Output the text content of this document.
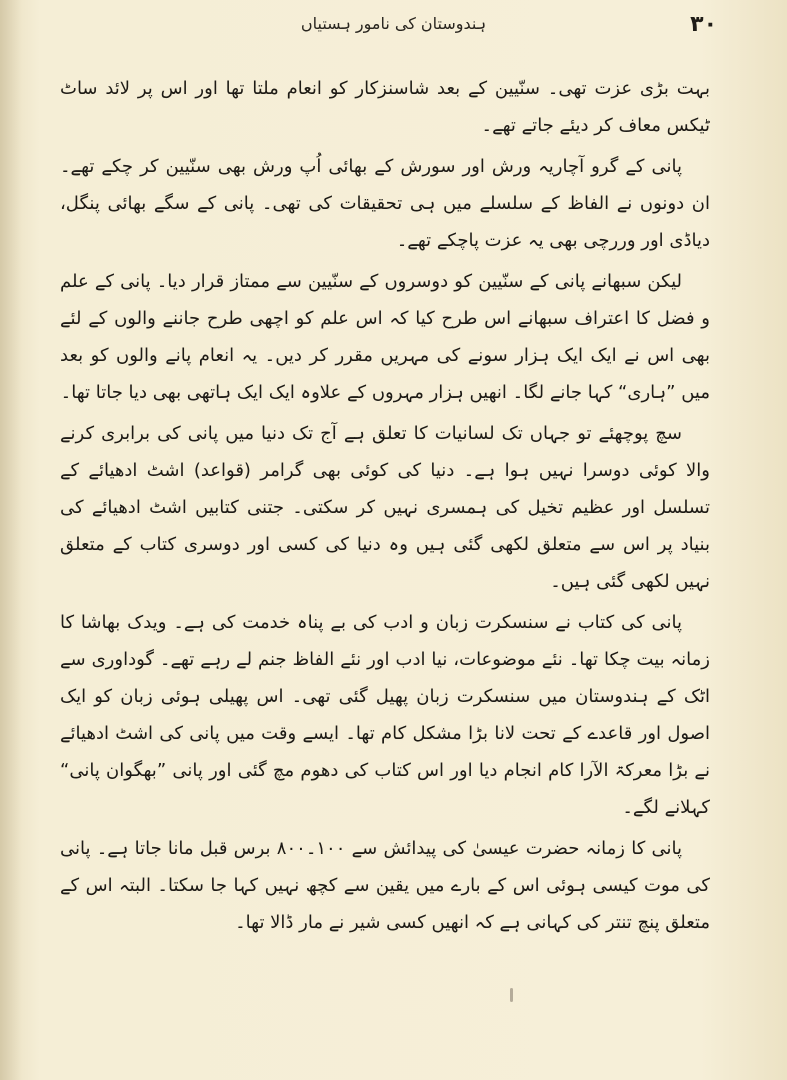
ہندوستان کی نامور ہستیاں	۳۰

بہت بڑی عزت تھی۔ سنّیین کے بعد شاسنزکار کو انعام ملتا تھا اور اس پر لائد ساٹ ٹیکس معاف کر دیئے جاتے تھے۔

پانی کے گرو آچاریہ ورش اور سورش کے بھائی اُپ ورش بھی سنّیین کر چکے تھے۔ ان دونوں نے الفاظ کے سلسلے میں ہی تحقیقات کی تھی۔ پانی کے سگے بھائی پنگل، دیاڈی اور وررچی بھی یہ عزت پاچکے تھے۔

لیکن سبھانے پانی کے سنّیین کو دوسروں کے سنّیین سے ممتاز قرار دیا۔ پانی کے علم و فضل کا اعتراف سبھانے اس طرح کیا کہ اس علم کو اچھی طرح جاننے والوں کے لئے بھی اس نے ایک ایک ہزار سونے کی مہریں مقرر کر دیں۔ یہ انعام پانے والوں کو بعد میں ”ہاری“ کہا جانے لگا۔ انھیں ہزار مہروں کے علاوہ ایک ایک ہاتھی بھی دیا جاتا تھا۔

سچ پوچھئے تو جہاں تک لسانیات کا تعلق ہے آج تک دنیا میں پانی کی برابری کرنے والا کوئی دوسرا نہیں ہوا ہے۔ دنیا کی کوئی بھی گرامر (قواعد) اشٹ ادھیائے کے تسلسل اور عظیم تخیل کی ہمسری نہیں کر سکتی۔ جتنی کتابیں اشٹ ادھیائے کی بنیاد پر اس سے متعلق لکھی گئی ہیں وہ دنیا کی کسی اور دوسری کتاب کے متعلق نہیں لکھی گئی ہیں۔

پانی کی کتاب نے سنسکرت زبان و ادب کی بے پناہ خدمت کی ہے۔ ویدک بھاشا کا زمانہ بیت چکا تھا۔ نئے موضوعات، نیا ادب اور نئے الفاظ جنم لے رہے تھے۔ گوداوری سے اٹک کے ہندوستان میں سنسکرت زبان پھیل گئی تھی۔ اس پھیلی ہوئی زبان کو ایک اصول اور قاعدے کے تحت لانا بڑا مشکل کام تھا۔ ایسے وقت میں پانی کی اشٹ ادھیائے نے بڑا معرکۃ الآرا کام انجام دیا اور اس کتاب کی دھوم مچ گئی اور پانی ”بھگوان پانی“ کہلانے لگے۔

پانی کا زمانہ حضرت عیسیٰ کی پیدائش سے ۱۰۰۔۸۰۰ برس قبل مانا جاتا ہے۔ پانی کی موت کیسی ہوئی اس کے بارے میں یقین سے کچھ نہیں کہا جا سکتا۔ البتہ اس کے متعلق پنچ تنتر کی کہانی ہے کہ انھیں کسی شیر نے مار ڈالا تھا۔
